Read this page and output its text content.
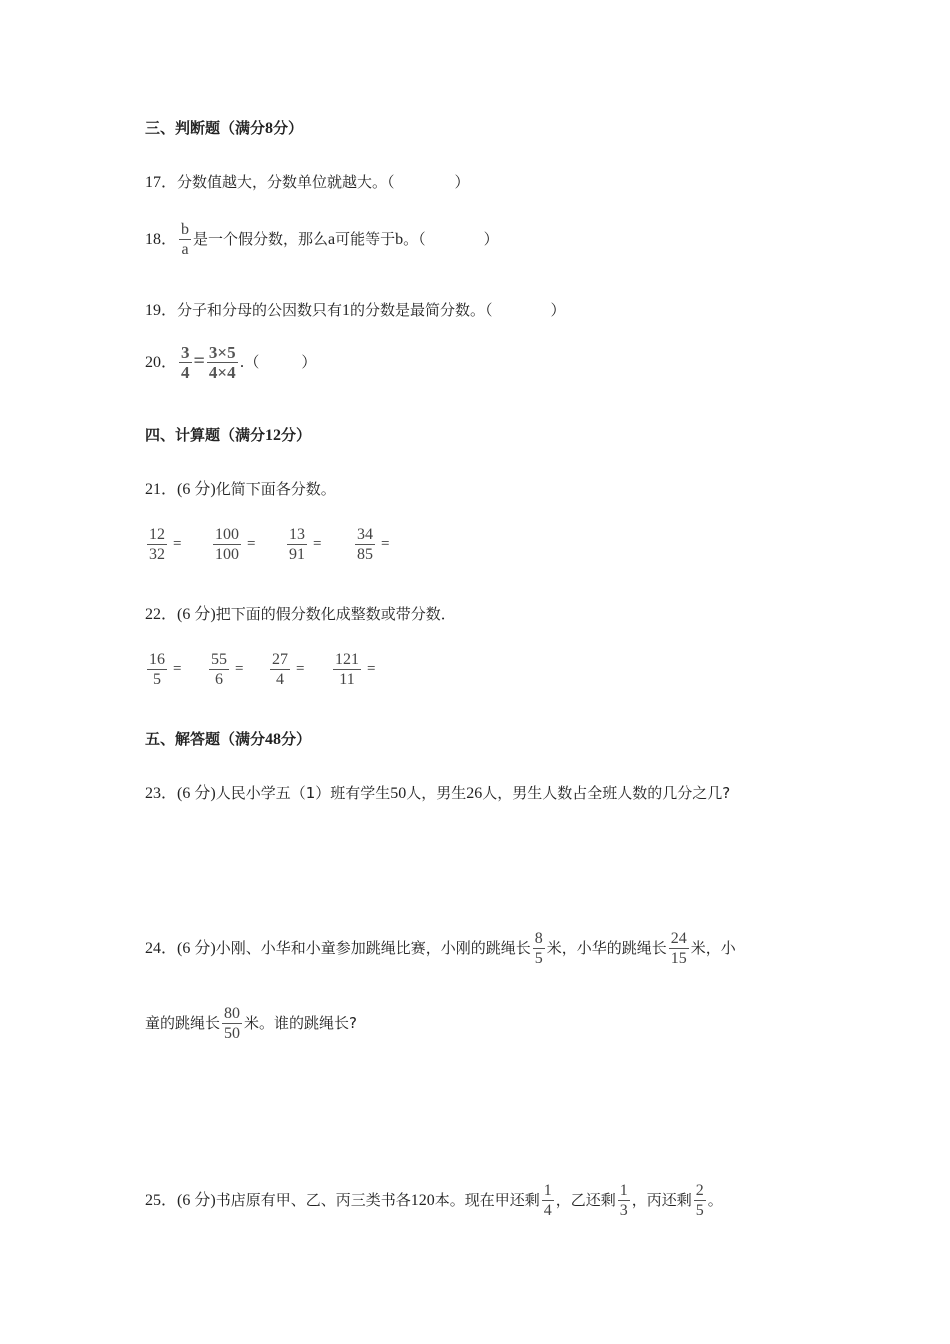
三、判断题（满分8分）
17．分数值越大，分数单位就越大。（	）
18． $\frac{b}{a}$ 是一个假分数，那么a可能等于b。（	）
19．分子和分母的公因数只有1的分数是最简分数。（	）
20． $\frac{3}{4} = \frac{3\times 5}{4\times 4}$ .（	）
四、计算题（满分12分）
21．(6 分)化简下面各分数。
$\frac{12}{32} = \frac{100}{100} = \frac{13}{91} = \frac{34}{85}$ =
22．(6 分)把下面的假分数化成整数或带分数．
$\frac{16}{5} = \frac{55}{6} = \frac{27}{4} = \frac{121}{11}$ =
五、解答题（满分48分）
23．(6 分)人民小学五（1）班有学生50人，男生26人，男生人数占全班人数的几分之几?
24．(6 分)小刚、小华和小童参加跳绳比赛，小刚的跳绳长 $\frac{8}{5}$ 米，小华的跳绳长 $\frac{24}{15}$ 米，小
童的跳绳长 $\frac{80}{50}$ 米。谁的跳绳长?
25．(6 分)书店原有甲、乙、丙三类书各120本。现在甲还剩 $\frac{1}{4}$ ，乙还剩 $\frac{1}{3}$ ，丙还剩 $\frac{2}{5}$ 。
